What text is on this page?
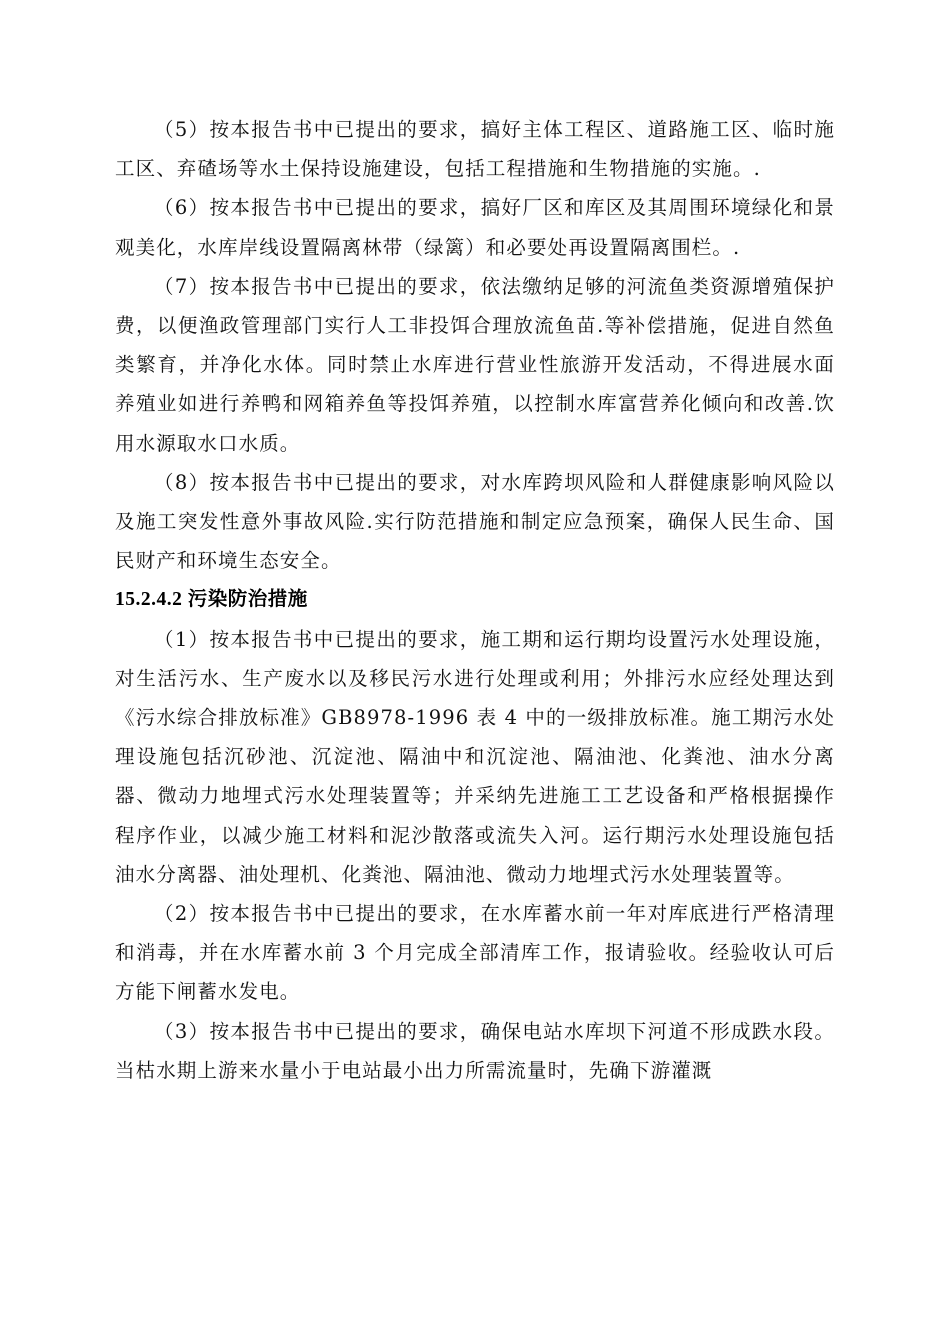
（5）按本报告书中已提出的要求，搞好主体工程区、道路施工区、临时施工区、弃碴场等水土保持设施建设，包括工程措施和生物措施的实施。.

（6）按本报告书中已提出的要求，搞好厂区和库区及其周围环境绿化和景观美化，水库岸线设置隔离林带（绿篱）和必要处再设置隔离围栏。.

（7）按本报告书中已提出的要求，依法缴纳足够的河流鱼类资源增殖保护费，以便渔政管理部门实行人工非投饵合理放流鱼苗.等补偿措施，促进自然鱼类繁育，并净化水体。同时禁止水库进行营业性旅游开发活动，不得进展水面养殖业如进行养鸭和网箱养鱼等投饵养殖，以控制水库富营养化倾向和改善.饮用水源取水口水质。

（8）按本报告书中已提出的要求，对水库跨坝风险和人群健康影响风险以及施工突发性意外事故风险.实行防范措施和制定应急预案，确保人民生命、国民财产和环境生态安全。

15.2.4.2 污染防治措施

（1）按本报告书中已提出的要求，施工期和运行期均设置污水处理设施，对生活污水、生产废水以及移民污水进行处理或利用；外排污水应经处理达到《污水综合排放标准》GB8978-1996 表 4 中的一级排放标准。施工期污水处理设施包括沉砂池、沉淀池、隔油中和沉淀池、隔油池、化粪池、油水分离器、微动力地埋式污水处理装置等；并采纳先进施工工艺设备和严格根据操作程序作业，以减少施工材料和泥沙散落或流失入河。运行期污水处理设施包括油水分离器、油处理机、化粪池、隔油池、微动力地埋式污水处理装置等。

（2）按本报告书中已提出的要求，在水库蓄水前一年对库底进行严格清理和消毒，并在水库蓄水前 3 个月完成全部清库工作，报请验收。经验收认可后方能下闸蓄水发电。

（3）按本报告书中已提出的要求，确保电站水库坝下河道不形成跌水段。当枯水期上游来水量小于电站最小出力所需流量时，先确下游灌溉
